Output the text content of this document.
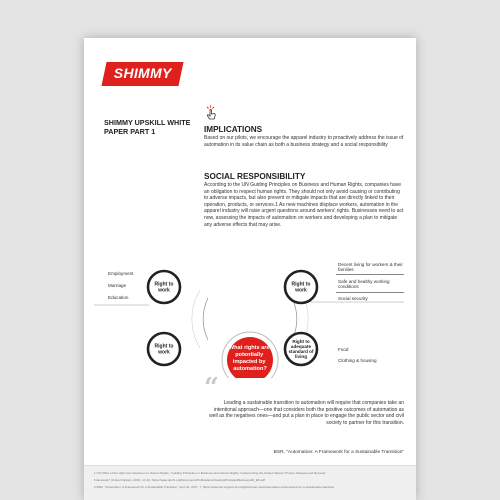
SHIMMY
SHIMMY UPSKILL WHITE PAPER PART 1	IMPLICATIONS
Based on our pilots, we encourage the apparel industry to proactively address the issue of automation in its value chain as both a business strategy and a social responsibility
SOCIAL RESPONSIBILITY
According to the UN Guiding Principles on Business and Human Rights, companies have an obligation to respect human rights. They should not only avoid causing or contributing to adverse impacts, but also prevent or mitigate impacts that are directly linked to their operation, products, or services.1 As new machines displace workers, automation in the apparel industry will raise urgent questions around workers' rights. Businesses need to act now, assessing the impacts of automation on workers and developing a plan to mitigate any adverse effects that may arise.
What rights are potentially impacted by automation?
Right to
work
Right to
work
Right to
work
Right to
adequate
standard of
living
Employment
Marriage
Education
Decent living for workers & their families
Safe and healthy working conditions
Social security
Food
Clothing & housing
“ Leading a sustainable transition to automation will require that companies take an intentional approach—one that considers both the positive outcomes of automation as well as the negatives ones—and put a plan in place to engage the public sector and civil society to partner for this transition.
BSR, "Automation: A Framework for a Sustainable Transition"
1 UN Office of the High Commissioner on Human Rights, "Guiding Principles on Business and Human Rights: Implementing the United Nations 'Protect, Respect and Remedy'
Framework" (United Nations, 2011), 13-16, https://www.ohchr.org/Documents/Publications/GuidingPrinciplesBusinessHR_EN.pdf
2 BSR, "Automation: A Framework for a Sustainable Transition," April 11, 2017, 7, https://www.bsr.org/en/our-insights/report-view/automation-a-framework-for-a-sustainable-transition
